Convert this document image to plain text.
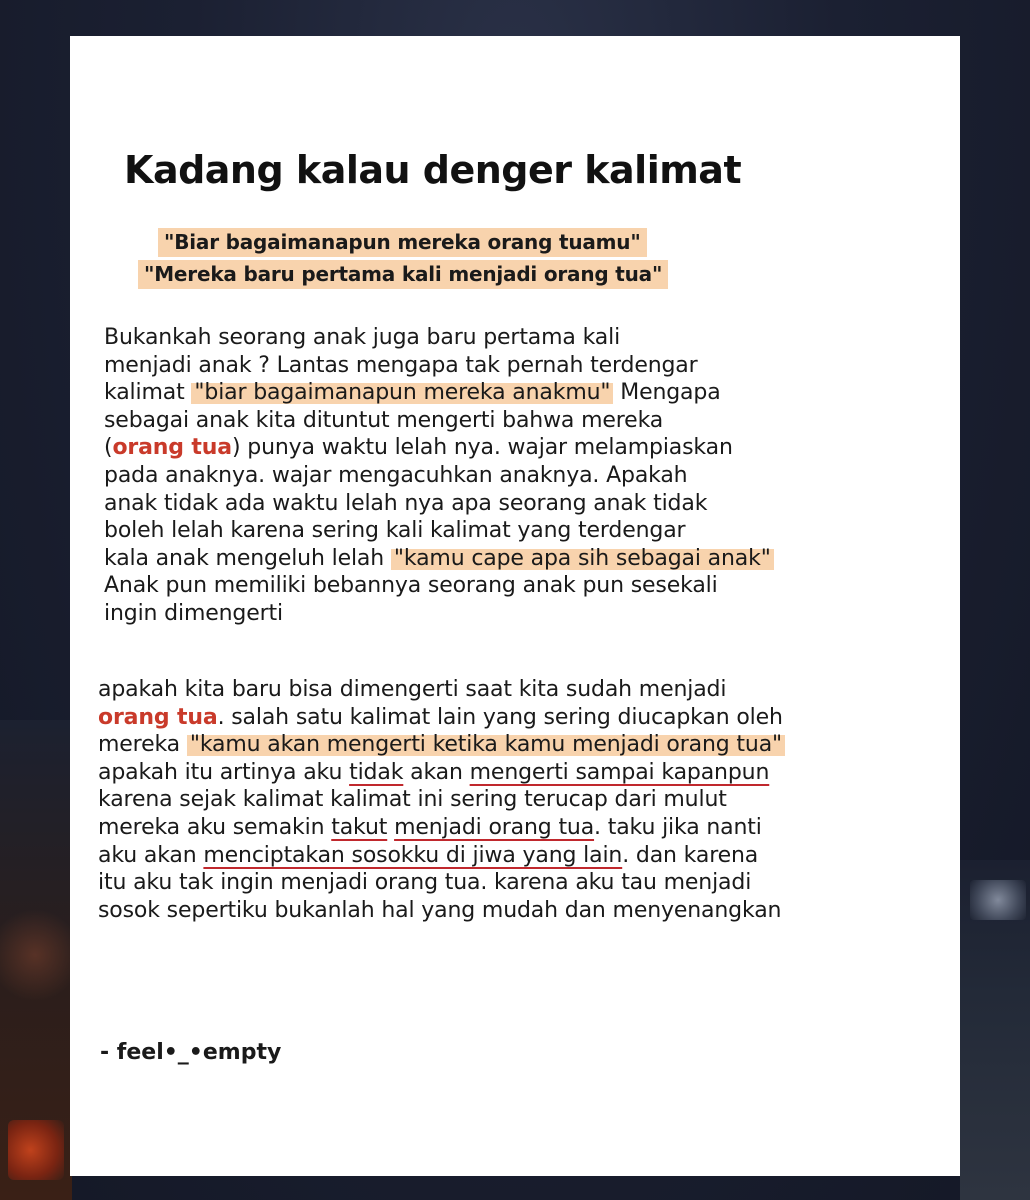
Kadang kalau denger kalimat
"Biar bagaimanapun mereka orang tuamu"
"Mereka baru pertama kali menjadi orang tua"
Bukankah seorang anak juga baru pertama kali
menjadi anak ? Lantas mengapa tak pernah terdengar
kalimat "biar bagaimanapun mereka anakmu" Mengapa
sebagai anak kita dituntut mengerti bahwa mereka
(orang tua) punya waktu lelah nya. wajar melampiaskan
pada anaknya. wajar mengacuhkan anaknya. Apakah
anak tidak ada waktu lelah nya apa seorang anak tidak
boleh lelah karena sering kali kalimat yang terdengar
kala anak mengeluh lelah "kamu cape apa sih sebagai anak"
Anak pun memiliki bebannya seorang anak pun sesekali
ingin dimengerti
apakah kita baru bisa dimengerti saat kita sudah menjadi
orang tua. salah satu kalimat lain yang sering diucapkan oleh
mereka "kamu akan mengerti ketika kamu menjadi orang tua"
apakah itu artinya aku tidak akan mengerti sampai kapanpun
karena sejak kalimat kalimat ini sering terucap dari mulut
mereka aku semakin takut menjadi orang tua. taku jika nanti
aku akan menciptakan sosokku di jiwa yang lain. dan karena
itu aku tak ingin menjadi orang tua. karena aku tau menjadi
sosok sepertiku bukanlah hal yang mudah dan menyenangkan
- feel•_•empty
